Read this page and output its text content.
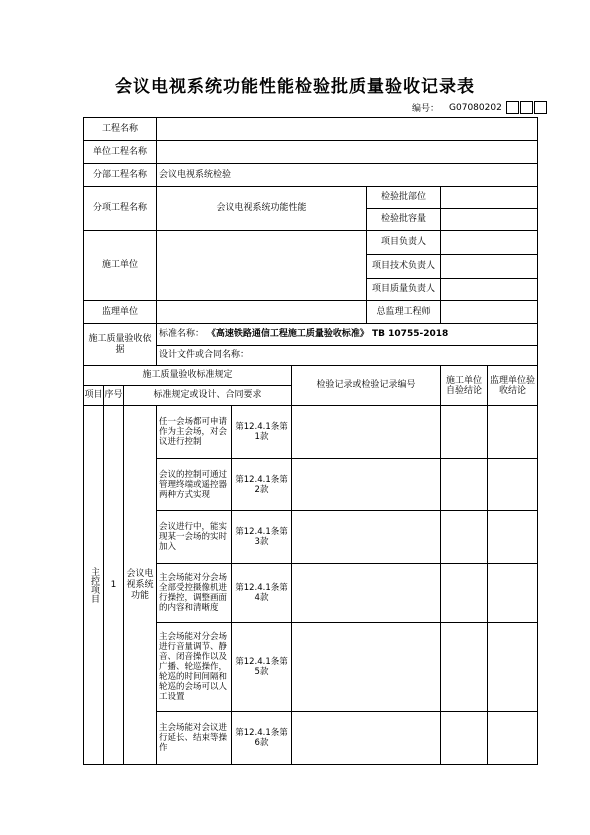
会议电视系统功能性能检验批质量验收记录表
编号： G07080202
工程名称								
单位工程名称								
分部工程名称			会议电视系统检验					
分项工程名称			会议电视系统功能性能			检验批部位		
						检验批容量		
施工单位						项目负责人		
						项目技术负责人		
						项目质量负责人		
监理单位						总监理工程师		
施工质量验收依据			标准名称： 《高速铁路通信工程施工质量验收标准》 TB 10755-2018					
			设计文件或合同名称：					
施工质量验收标准规定					检验记录或检验记录编号		施工单位自验结论	监理单位验收结论
项目	序号	标准规定或设计、合同要求						

主控项目	1	会议电视系统功能	任一会场都可申请作为主会场，对会议进行控制	第12.4.1条第1款				
			会议的控制可通过管理终端或遥控器两种方式实现	第12.4.1条第2款				
			会议进行中，能实现某一会场的实时加入	第12.4.1条第3款				
			主会场能对分会场全部受控摄像机进行操控，调整画面的内容和清晰度	第12.4.1条第4款				
			主会场能对分会场进行音量调节、静音、闭音操作以及广播、轮巡操作，轮巡的时间间隔和轮巡的会场可以人工设置	第12.4.1条第5款				
			主会场能对会议进行延长、结束等操作	第12.4.1条第6款				
